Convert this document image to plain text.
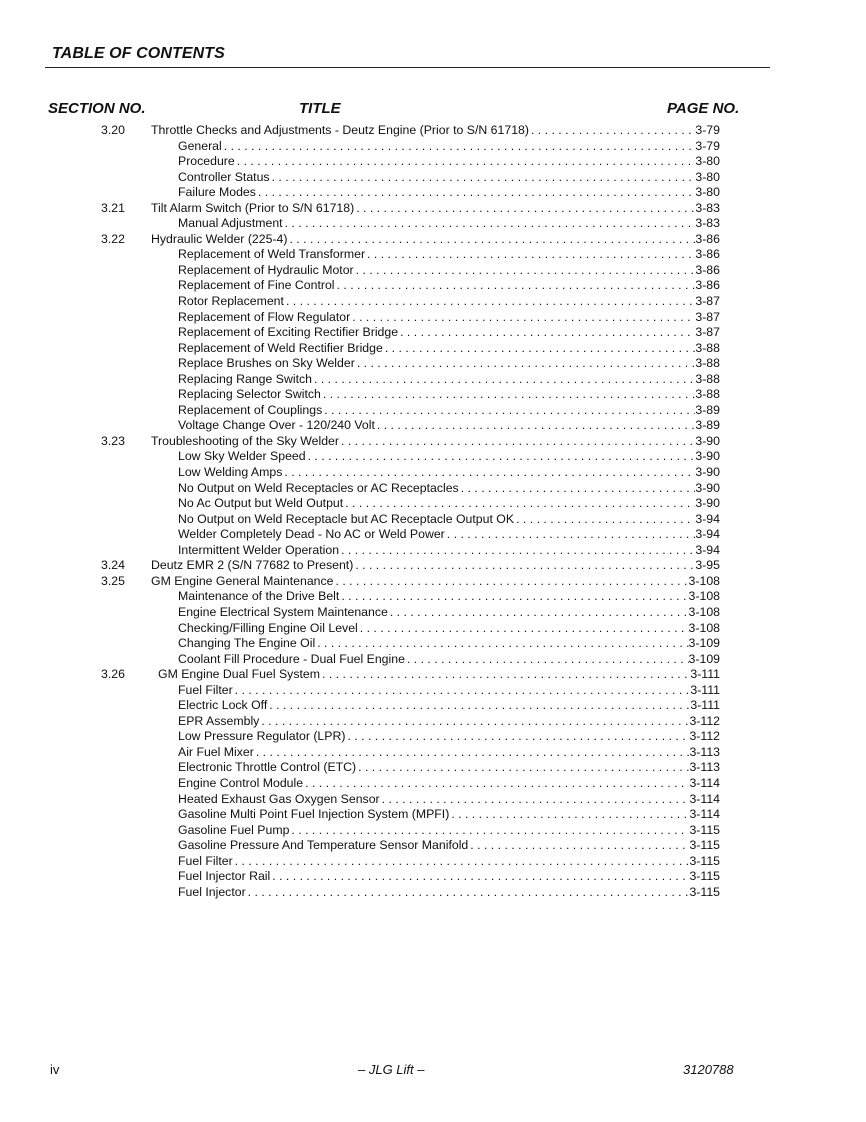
TABLE OF CONTENTS
SECTION NO.	TITLE	PAGE NO.
3.20 Throttle Checks and Adjustments - Deutz Engine (Prior to S/N 61718) . . .	3-79
General . . .	3-79
Procedure . . .	3-80
Controller Status . . .	3-80
Failure Modes . . .	3-80
3.21 Tilt Alarm Switch (Prior to S/N 61718) . . .	3-83
Manual Adjustment . . .	3-83
3.22 Hydraulic Welder (225-4) . . .	3-86
Replacement of Weld Transformer . . .	3-86
Replacement of Hydraulic Motor . . .	3-86
Replacement of Fine Control . . .	3-86
Rotor Replacement . . .	3-87
Replacement of Flow Regulator . . .	3-87
Replacement of Exciting Rectifier Bridge . . .	3-87
Replacement of Weld Rectifier Bridge . . .	3-88
Replace Brushes on Sky Welder . . .	3-88
Replacing Range Switch . . .	3-88
Replacing Selector Switch . . .	3-88
Replacement of Couplings . . .	3-89
Voltage Change Over - 120/240 Volt . . .	3-89
3.23 Troubleshooting of the Sky Welder . . .	3-90
Low Sky Welder Speed . . .	3-90
Low Welding Amps . . .	3-90
No Output on Weld Receptacles or AC Receptacles . . .	3-90
No Ac Output but Weld Output . . .	3-90
No Output on Weld Receptacle but AC Receptacle Output OK . . .	3-94
Welder Completely Dead - No AC or Weld Power . . .	3-94
Intermittent Welder Operation . . .	3-94
3.24 Deutz EMR 2 (S/N 77682 to Present) . . .	3-95
3.25 GM Engine General Maintenance . . .	3-108
Maintenance of the Drive Belt . . .	3-108
Engine Electrical System Maintenance . . .	3-108
Checking/Filling Engine Oil Level . . .	3-108
Changing The Engine Oil . . .	3-109
Coolant Fill Procedure - Dual Fuel Engine . . .	3-109
3.26	GM Engine Dual Fuel System . . .	3-111
Fuel Filter . . .	3-111
Electric Lock Off . . .	3-111
EPR Assembly . . .	3-112
Low Pressure Regulator (LPR) . . .	3-112
Air Fuel Mixer . . .	3-113
Electronic Throttle Control (ETC) . . .	3-113
Engine Control Module . . .	3-114
Heated Exhaust Gas Oxygen Sensor . . .	3-114
Gasoline Multi Point Fuel Injection System (MPFI) . . .	3-114
Gasoline Fuel Pump . . .	3-115
Gasoline Pressure And Temperature Sensor Manifold . . .	3-115
Fuel Filter . . .	3-115
Fuel Injector Rail . . .	3-115
Fuel Injector . . .	3-115
iv	– JLG Lift –	3120788
